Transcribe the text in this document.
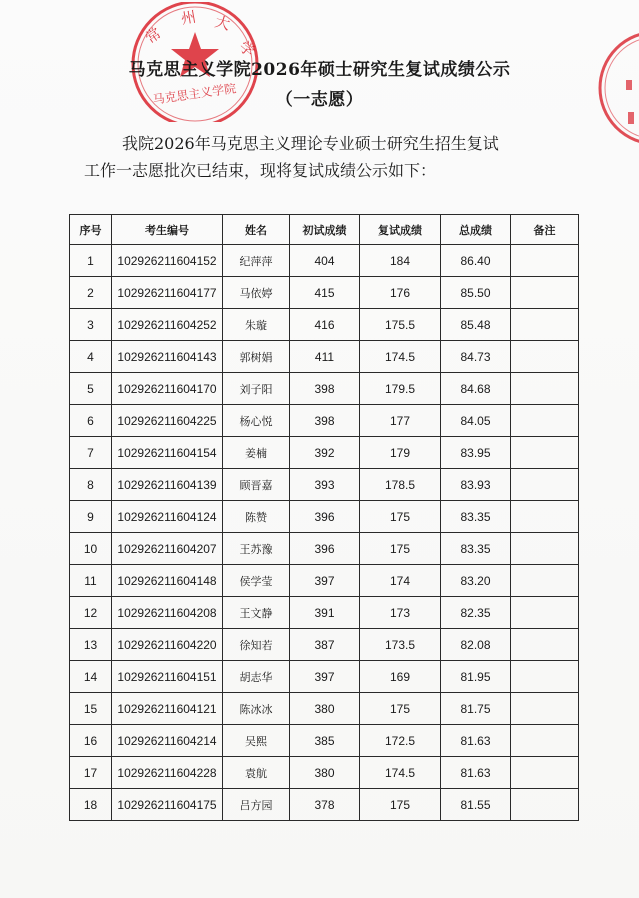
常
州 大
学
马克思主义学院
马克思主义学院2026年硕士研究生复试成绩公示
（一志愿）
我院2026年马克思主义理论专业硕士研究生招生复试
工作一志愿批次已结束，现将复试成绩公示如下：
序号	考生编号	姓名	初试成绩	复试成绩	总成绩	备注
1	102926211604152	纪萍萍	404	184	86.40	
2	102926211604177	马依婷	415	176	85.50	
3	102926211604252	朱璇	416	175.5	85.48	
4	102926211604143	郭树娟	411	174.5	84.73	
5	102926211604170	刘子阳	398	179.5	84.68	
6	102926211604225	杨心悦	398	177	84.05	
7	102926211604154	姜楠	392	179	83.95	
8	102926211604139	顾晋嘉	393	178.5	83.93	
9	102926211604124	陈赞	396	175	83.35	
10	102926211604207	王苏豫	396	175	83.35	
11	102926211604148	侯学莹	397	174	83.20	
12	102926211604208	王文静	391	173	82.35	
13	102926211604220	徐知若	387	173.5	82.08	
14	102926211604151	胡志华	397	169	81.95	
15	102926211604121	陈冰冰	380	175	81.75	
16	102926211604214	吴熙	385	172.5	81.63	
17	102926211604228	袁航	380	174.5	81.63	
18	102926211604175	吕方园	378	175	81.55	
